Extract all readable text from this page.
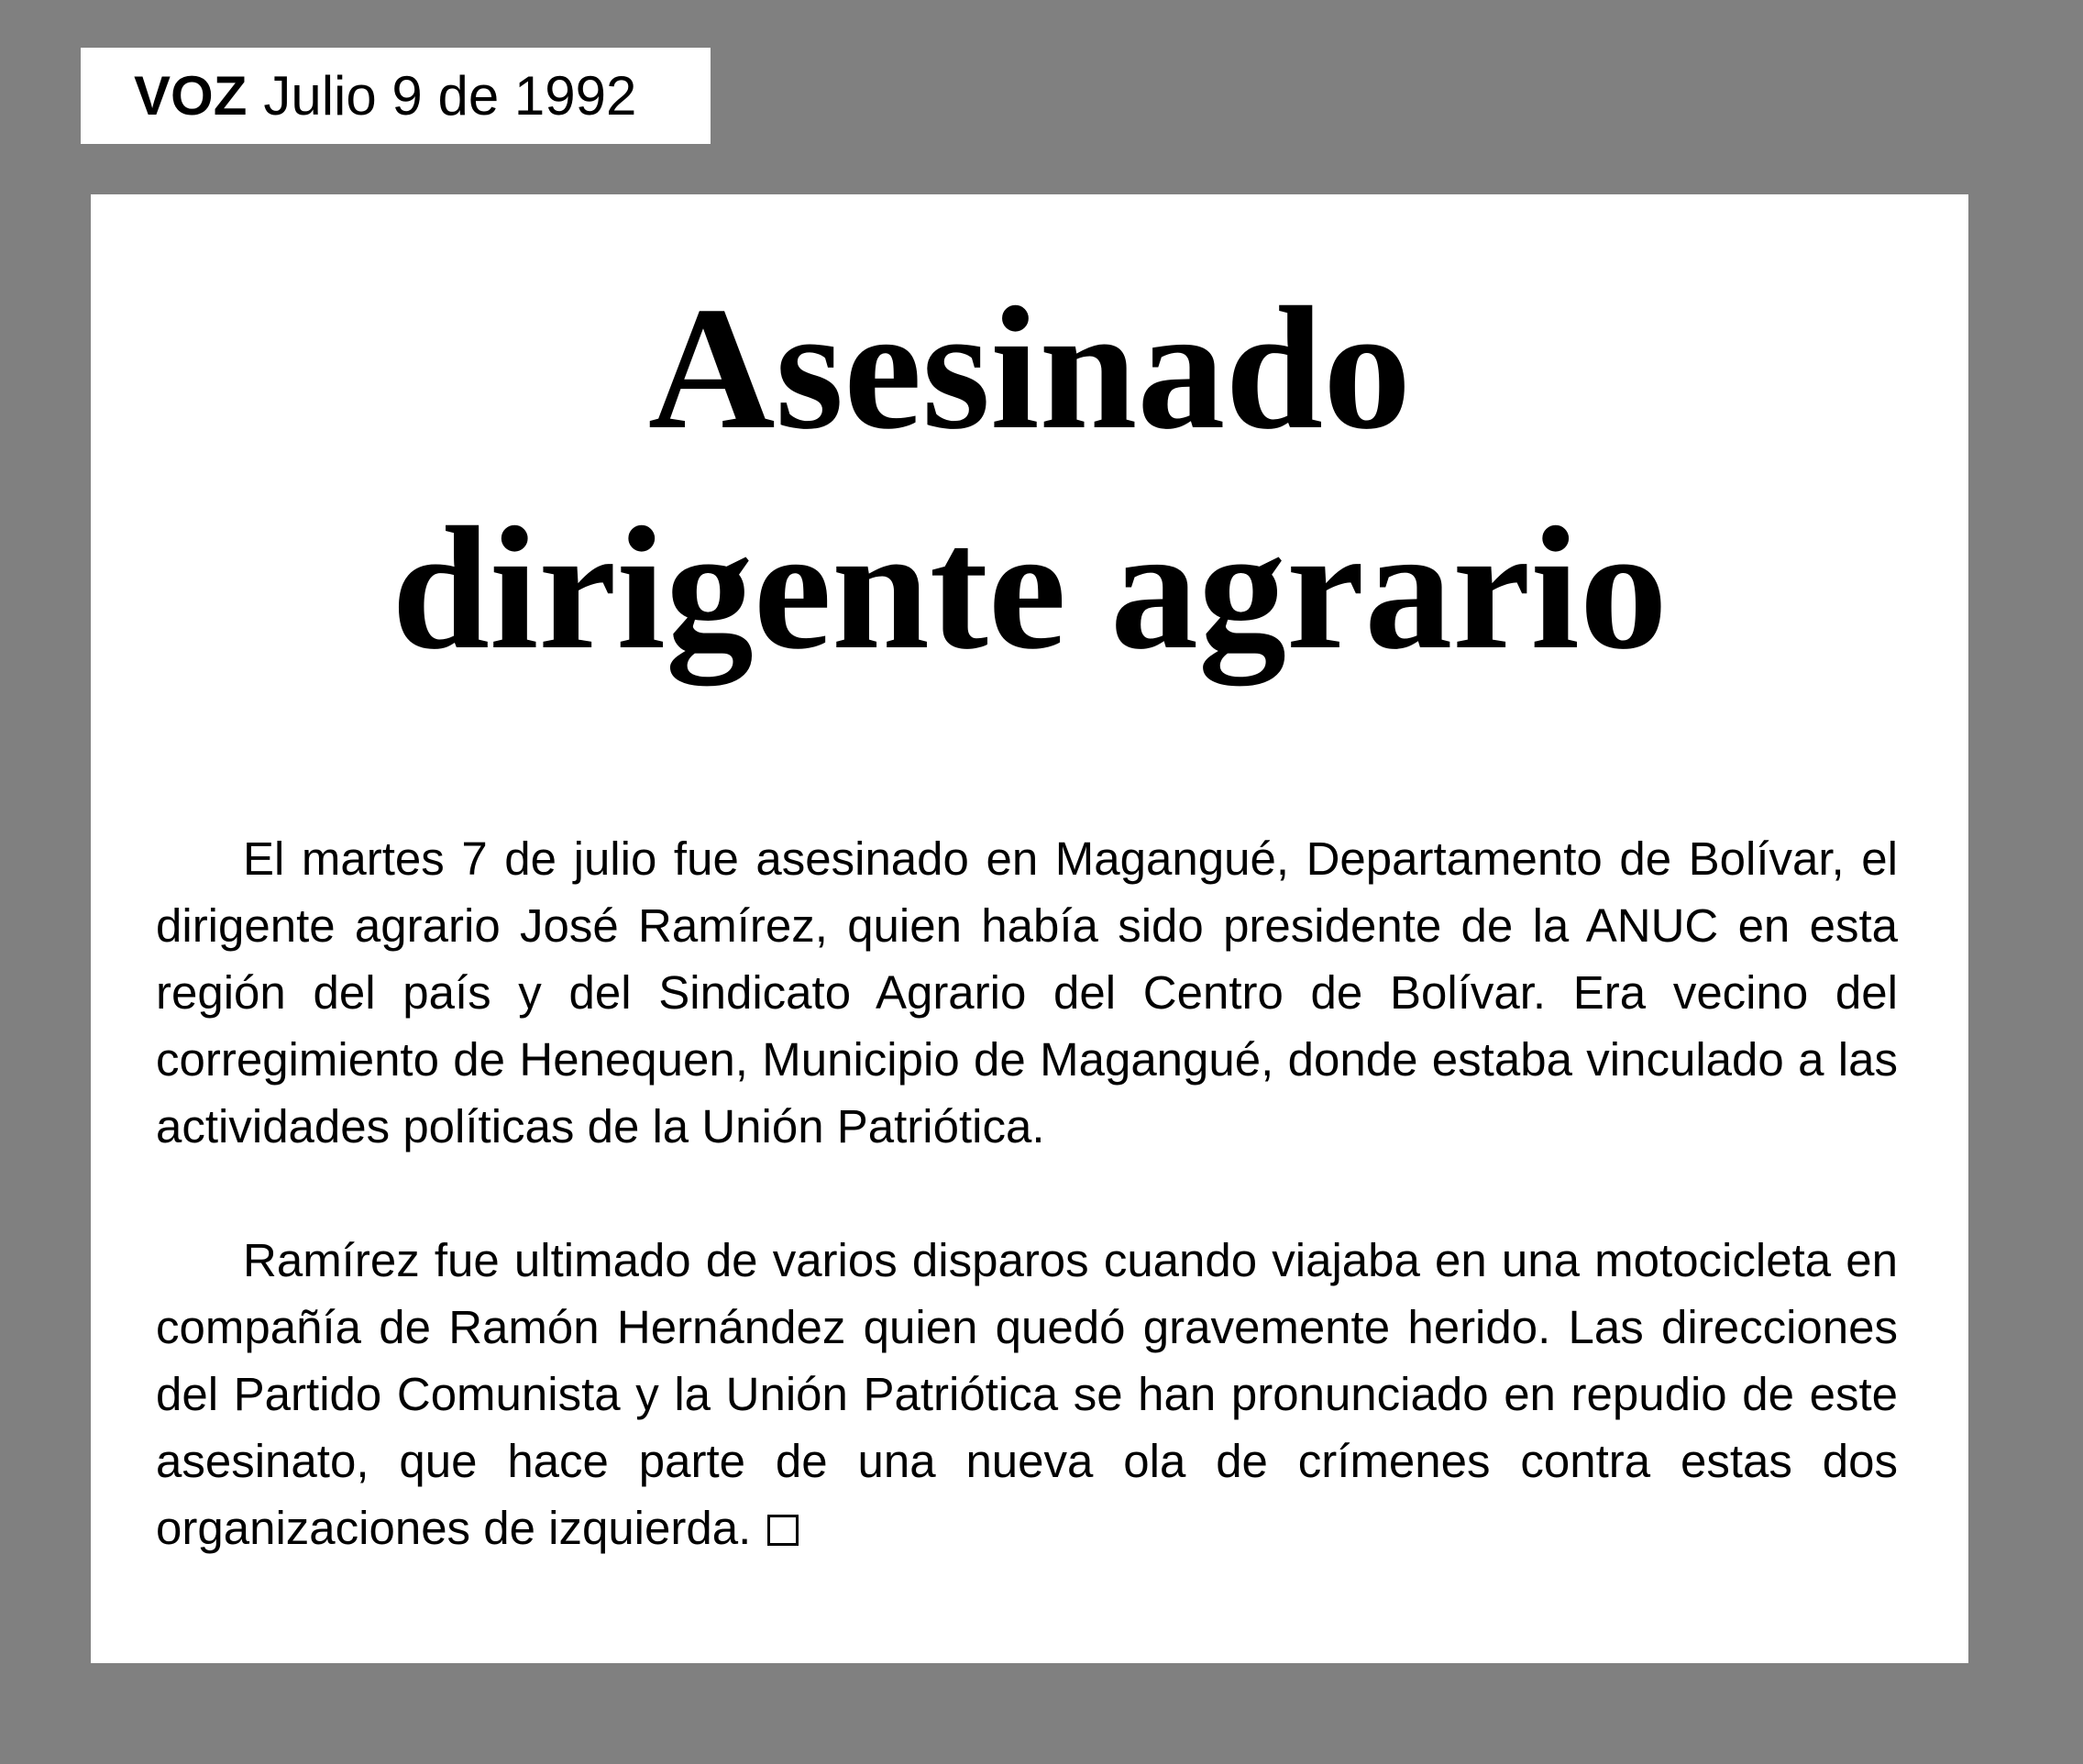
VOZ Julio 9 de 1992
Asesinado
dirigente agrario

El martes 7 de julio fue asesinado en Magangué, Departamento de Bolívar, el dirigente agrario José Ramírez, quien había sido presidente de la ANUC en esta región del país y del Sindicato Agrario del Centro de Bolívar. Era vecino del corregimiento de Henequen, Municipio de Magangué, donde estaba vinculado a las actividades políticas de la Unión Patriótica.

Ramírez fue ultimado de varios disparos cuando viajaba en una motocicleta en compañía de Ramón Hernández quien quedó gravemente herido. Las direcciones del Partido Comunista y la Unión Patriótica se han pronunciado en repudio de este asesinato, que hace parte de una nueva ola de crímenes contra estas dos organizaciones de izquierda.
